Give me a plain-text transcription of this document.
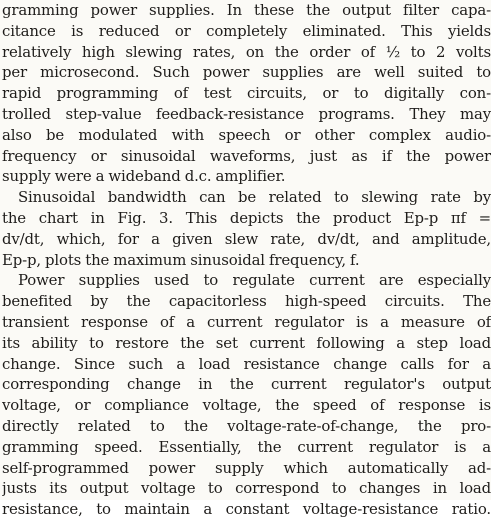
gramming power supplies. In these the output filter capa-
citance is reduced or completely eliminated. This yields
relatively high slewing rates, on the order of ½ to 2 volts
per microsecond. Such power supplies are well suited to
rapid programming of test circuits, or to digitally con-
trolled step-value feedback-resistance programs. They may
also be modulated with speech or other complex audio-
frequency or sinusoidal waveforms, just as if the power
supply were a wideband d.c. amplifier.
Sinusoidal bandwidth can be related to slewing rate by
the chart in Fig. 3. This depicts the product Ep-p πf =
dv/dt, which, for a given slew rate, dv/dt, and amplitude,
Ep-p, plots the maximum sinusoidal frequency, f.
Power supplies used to regulate current are especially
benefited by the capacitorless high-speed circuits. The
transient response of a current regulator is a measure of
its ability to restore the set current following a step load
change. Since such a load resistance change calls for a
corresponding change in the current regulator's output
voltage, or compliance voltage, the speed of response is
directly related to the voltage-rate-of-change, the pro-
gramming speed. Essentially, the current regulator is a
self-programmed power supply which automatically ad-
justs its output voltage to correspond to changes in load
resistance, to maintain a constant voltage-resistance ratio.
